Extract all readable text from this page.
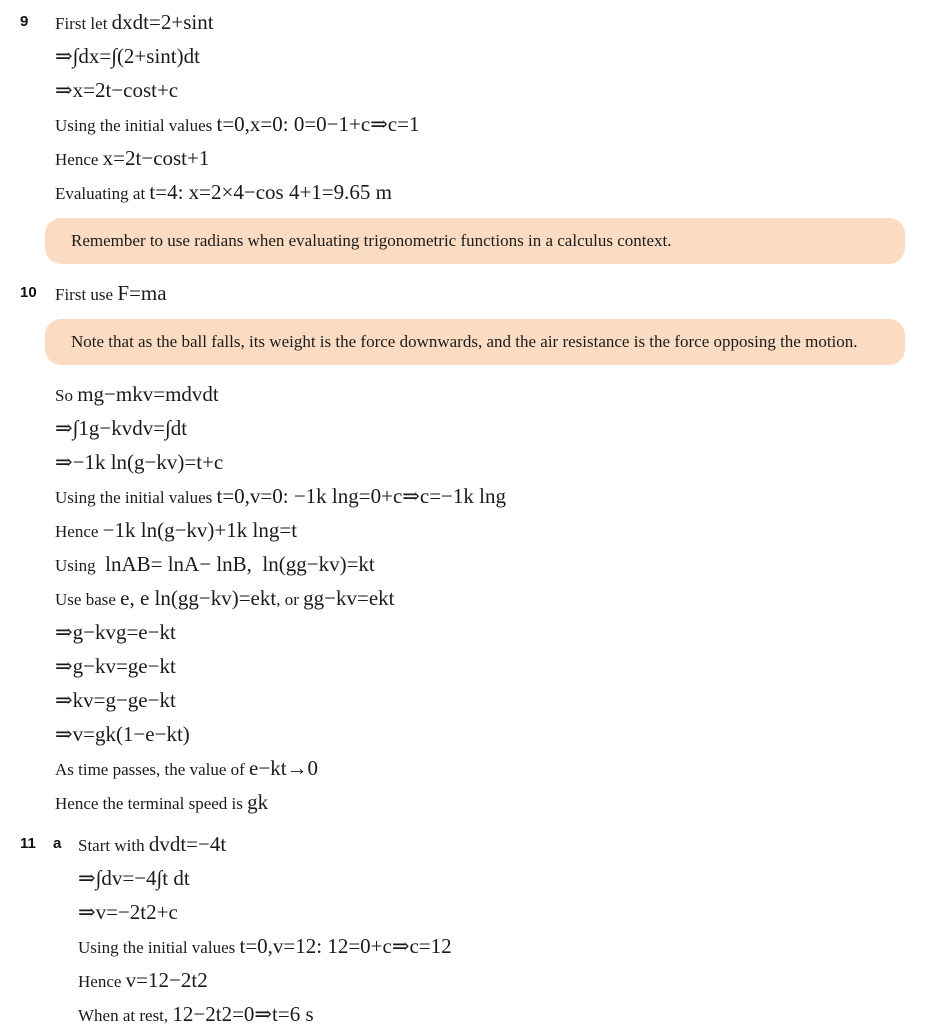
9 First let dxdt=2+sint
⇒∫dx=∫(2+sint)dt
⇒x=2t−cost+c
Using the initial values t=0,x=0: 0=0−1+c⇒c=1
Hence x=2t−cost+1
Evaluating at t=4: x=2×4−cos 4+1=9.65 m
Remember to use radians when evaluating trigonometric functions in a calculus context.
10 First use F=ma
Note that as the ball falls, its weight is the force downwards, and the air resistance is the force opposing the motion.
So mg−mkv=mdvdt
⇒∫1g−kvdv=∫dt
⇒−1k ln(g−kv)=t+c
Using the initial values t=0,v=0: −1k lng=0+c⇒c=−1k lng
Hence −1k ln(g−kv)+1k lng=t
Using  lnAB= lnA− lnB,  ln(gg−kv)=kt
Use base e, e ln(gg−kv)=ekt, or gg−kv=ekt
⇒g−kvg=e−kt
⇒g−kv=ge−kt
⇒kv=g−ge−kt
⇒v=gk(1−e−kt)
As time passes, the value of e−kt→0
Hence the terminal speed is gk
11 a Start with dvdt=−4t
⇒∫dv=−4∫t dt
⇒v=−2t2+c
Using the initial values t=0,v=12: 12=0+c⇒c=12
Hence v=12−2t2
When at rest, 12−2t2=0⇒t=6 s
